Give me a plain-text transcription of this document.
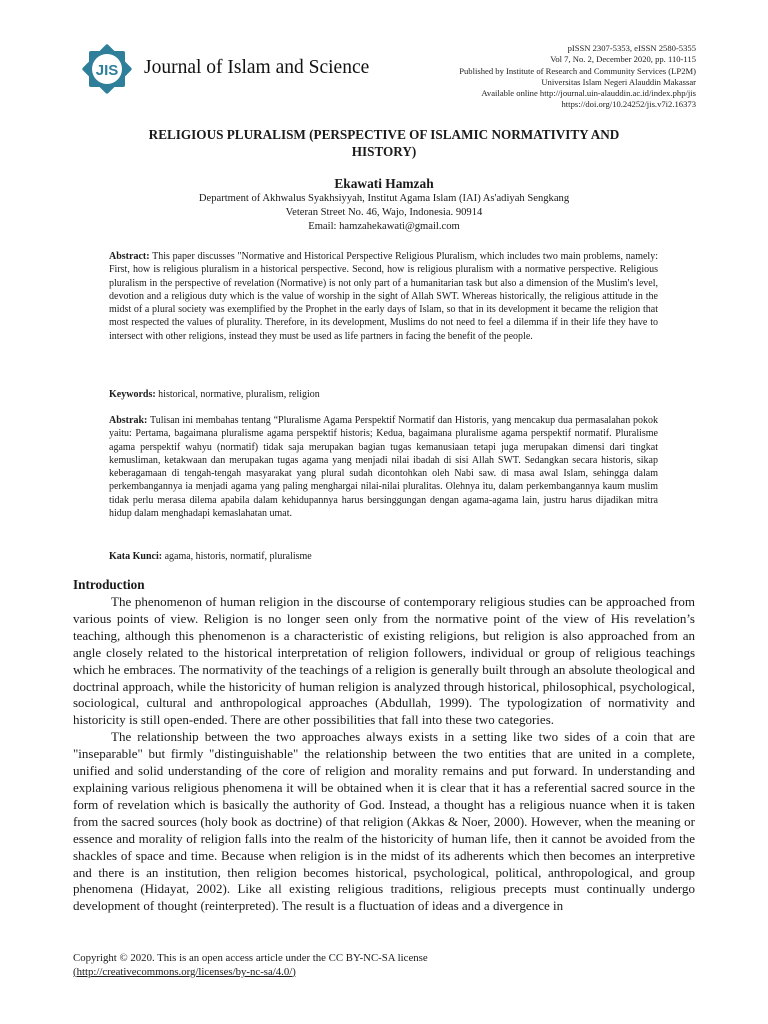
JIS Journal of Islam and Science
pISSN 2307-5353, eISSN 2580-5355
Vol 7, No. 2, December 2020, pp. 110-115
Published by Institute of Research and Community Services (LP2M)
Universitas Islam Negeri Alauddin Makassar
Available online http://journal.uin-alauddin.ac.id/index.php/jis
https://doi.org/10.24252/jis.v7i2.16373
RELIGIOUS PLURALISM (PERSPECTIVE OF ISLAMIC NORMATIVITY AND
HISTORY)
Ekawati Hamzah
Department of Akhwalus Syakhsiyyah, Institut Agama Islam (IAI) As'adiyah Sengkang
Veteran Street No. 46, Wajo, Indonesia. 90914
Email: hamzahekawati@gmail.com
Abstract: This paper discusses "Normative and Historical Perspective Religious Pluralism, which includes two main problems, namely: First, how is religious pluralism in a historical perspective. Second, how is religious pluralism with a normative perspective. Religious pluralism in the perspective of revelation (Normative) is not only part of a humanitarian task but also a dimension of the Muslim's level, devotion and a religious duty which is the value of worship in the sight of Allah SWT. Whereas historically, the religious attitude in the midst of a plural society was exemplified by the Prophet in the early days of Islam, so that in its development it became the religion that most respected the values of plurality. Therefore, in its development, Muslims do not need to feel a dilemma if in their life they have to intersect with other religions, instead they must be used as life partners in facing the benefit of the people.
Keywords: historical, normative, pluralism, religion
Abstrak: Tulisan ini membahas tentang “Pluralisme Agama Perspektif Normatif dan Historis, yang mencakup dua permasalahan pokok yaitu: Pertama, bagaimana pluralisme agama perspektif historis; Kedua, bagaimana pluralisme agama perspektif normatif. Pluralisme agama perspektif wahyu (normatif) tidak saja merupakan bagian tugas kemanusiaan tetapi juga merupakan dimensi dari tingkat kemusliman, ketakwaan dan merupakan tugas agama yang menjadi nilai ibadah di sisi Allah SWT. Sedangkan secara historis, sikap keberagamaan di tengah-tengah masyarakat yang plural sudah dicontohkan oleh Nabi saw. di masa awal Islam, sehingga dalam perkembangannya ia menjadi agama yang paling menghargai nilai-nilai pluralitas. Olehnya itu, dalam perkembangannya kaum muslim tidak perlu merasa dilema apabila dalam kehidupannya harus bersinggungan dengan agama-agama lain, justru harus dijadikan mitra hidup dalam menghadapi kemaslahatan umat.
Kata Kunci: agama, historis, normatif, pluralisme
Introduction

The phenomenon of human religion in the discourse of contemporary religious studies can be approached from various points of view. Religion is no longer seen only from the normative point of the view of His revelation’s teaching, although this phenomenon is a characteristic of existing religions, but religion is also approached from an angle closely related to the historical interpretation of religion followers, individual or group of religious teachings which he embraces. The normativity of the teachings of a religion is generally built through an absolute theological and doctrinal approach, while the historicity of human religion is analyzed through historical, philosophical, psychological, sociological, cultural and anthropological approaches (Abdullah, 1999). The typologization of normativity and historicity is still open-ended. There are other possibilities that fall into these two categories.

The relationship between the two approaches always exists in a setting like two sides of a coin that are "inseparable" but firmly "distinguishable" the relationship between the two entities that are united in a complete, unified and solid understanding of the core of religion and morality remains and put forward. In understanding and explaining various religious phenomena it will be obtained when it is clear that it has a referential sacred source in the form of revelation which is basically the authority of God. Instead, a thought has a religious nuance when it is taken from the sacred sources (holy book as doctrine) of that religion (Akkas & Noer, 2000). However, when the meaning or essence and morality of religion falls into the realm of the historicity of human life, then it cannot be avoided from the shackles of space and time. Because when religion is in the midst of its adherents which then becomes an interpretive and there is an institution, then religion becomes historical, psychological, political, anthropological, and group phenomena (Hidayat, 2002). Like all existing religious traditions, religious precepts must continually undergo development of thought (reinterpreted). The result is a fluctuation of ideas and a divergence in

Copyright © 2020. This is an open access article under the CC BY-NC-SA license
(http://creativecommons.org/licenses/by-nc-sa/4.0/)
